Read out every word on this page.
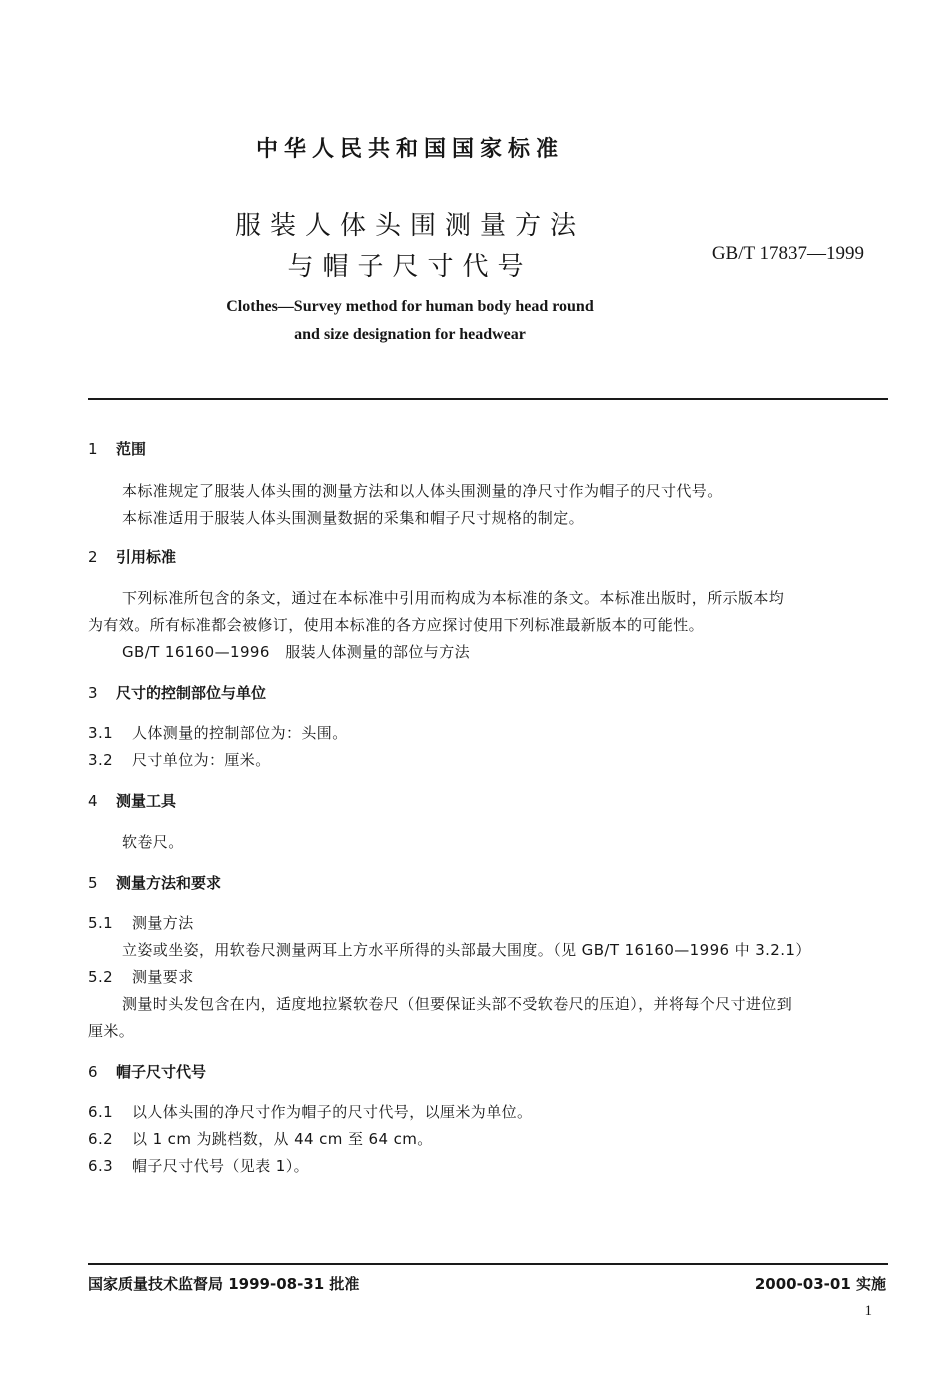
中华人民共和国国家标准
服装人体头围测量方法
与帽子尺寸代号	GB/T 17837—1999
Clothes—Survey method for human body head round
and size designation for headwear
1 范围
本标准规定了服装人体头围的测量方法和以人体头围测量的净尺寸作为帽子的尺寸代号。
本标准适用于服装人体头围测量数据的采集和帽子尺寸规格的制定。
2 引用标准
下列标准所包含的条文，通过在本标准中引用而构成为本标准的条文。本标准出版时，所示版本均
为有效。所有标准都会被修订，使用本标准的各方应探讨使用下列标准最新版本的可能性。
GB/T 16160—1996　服装人体测量的部位与方法
3 尺寸的控制部位与单位
3.1 人体测量的控制部位为：头围。
3.2 尺寸单位为：厘米。
4 测量工具
软卷尺。
5 测量方法和要求
5.1 测量方法
立姿或坐姿，用软卷尺测量两耳上方水平所得的头部最大围度。（见 GB/T 16160—1996 中 3.2.1）
5.2 测量要求
测量时头发包含在内，适度地拉紧软卷尺（但要保证头部不受软卷尺的压迫），并将每个尺寸进位到
厘米。
6 帽子尺寸代号
6.1 以人体头围的净尺寸作为帽子的尺寸代号，以厘米为单位。
6.2 以 1 cm 为跳档数，从 44 cm 至 64 cm。
6.3 帽子尺寸代号（见表 1）。
国家质量技术监督局 1999-08-31 批准	2000-03-01 实施
1
